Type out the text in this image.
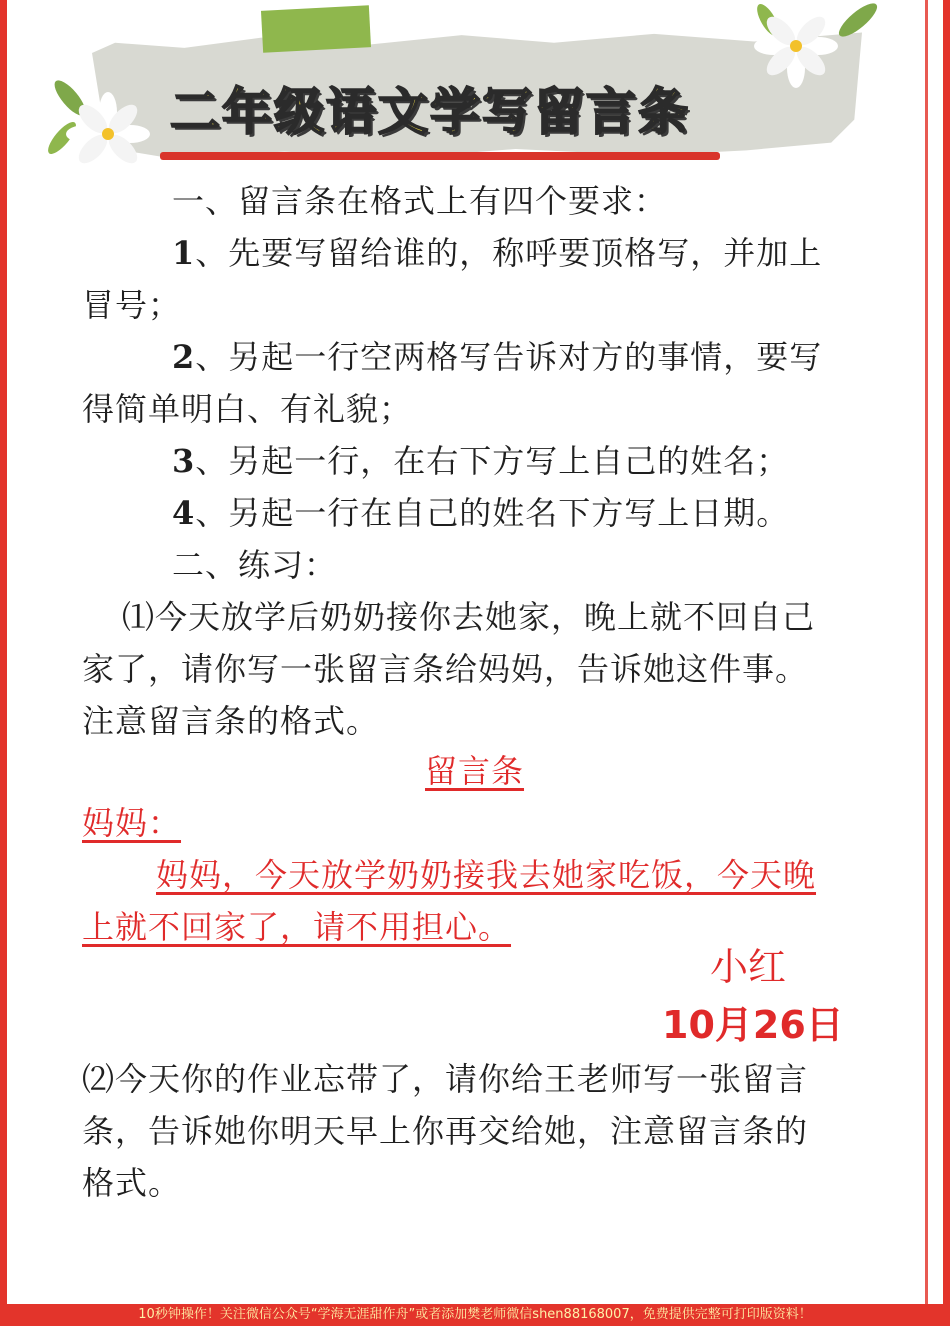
二年级语文学写留言条
一、留言条在格式上有四个要求：
1、先要写留给谁的，称呼要顶格写，并加上
冒号；
2、另起一行空两格写告诉对方的事情，要写
得简单明白、有礼貌；
3、另起一行，在右下方写上自己的姓名；
4、另起一行在自己的姓名下方写上日期。
二、练习：
⑴今天放学后奶奶接你去她家，晚上就不回自己
家了，请你写一张留言条给妈妈，告诉她这件事。
注意留言条的格式。
留言条
妈妈：
妈妈，今天放学奶奶接我去她家吃饭，今天晚
上就不回家了，请不用担心。
小红
10月26日
⑵今天你的作业忘带了，请你给王老师写一张留言
条，告诉她你明天早上你再交给她，注意留言条的
格式。
10秒钟操作！关注微信公众号“学海无涯甜作舟”或者添加樊老师微信shen88168007，免费提供完整可打印版资料！
